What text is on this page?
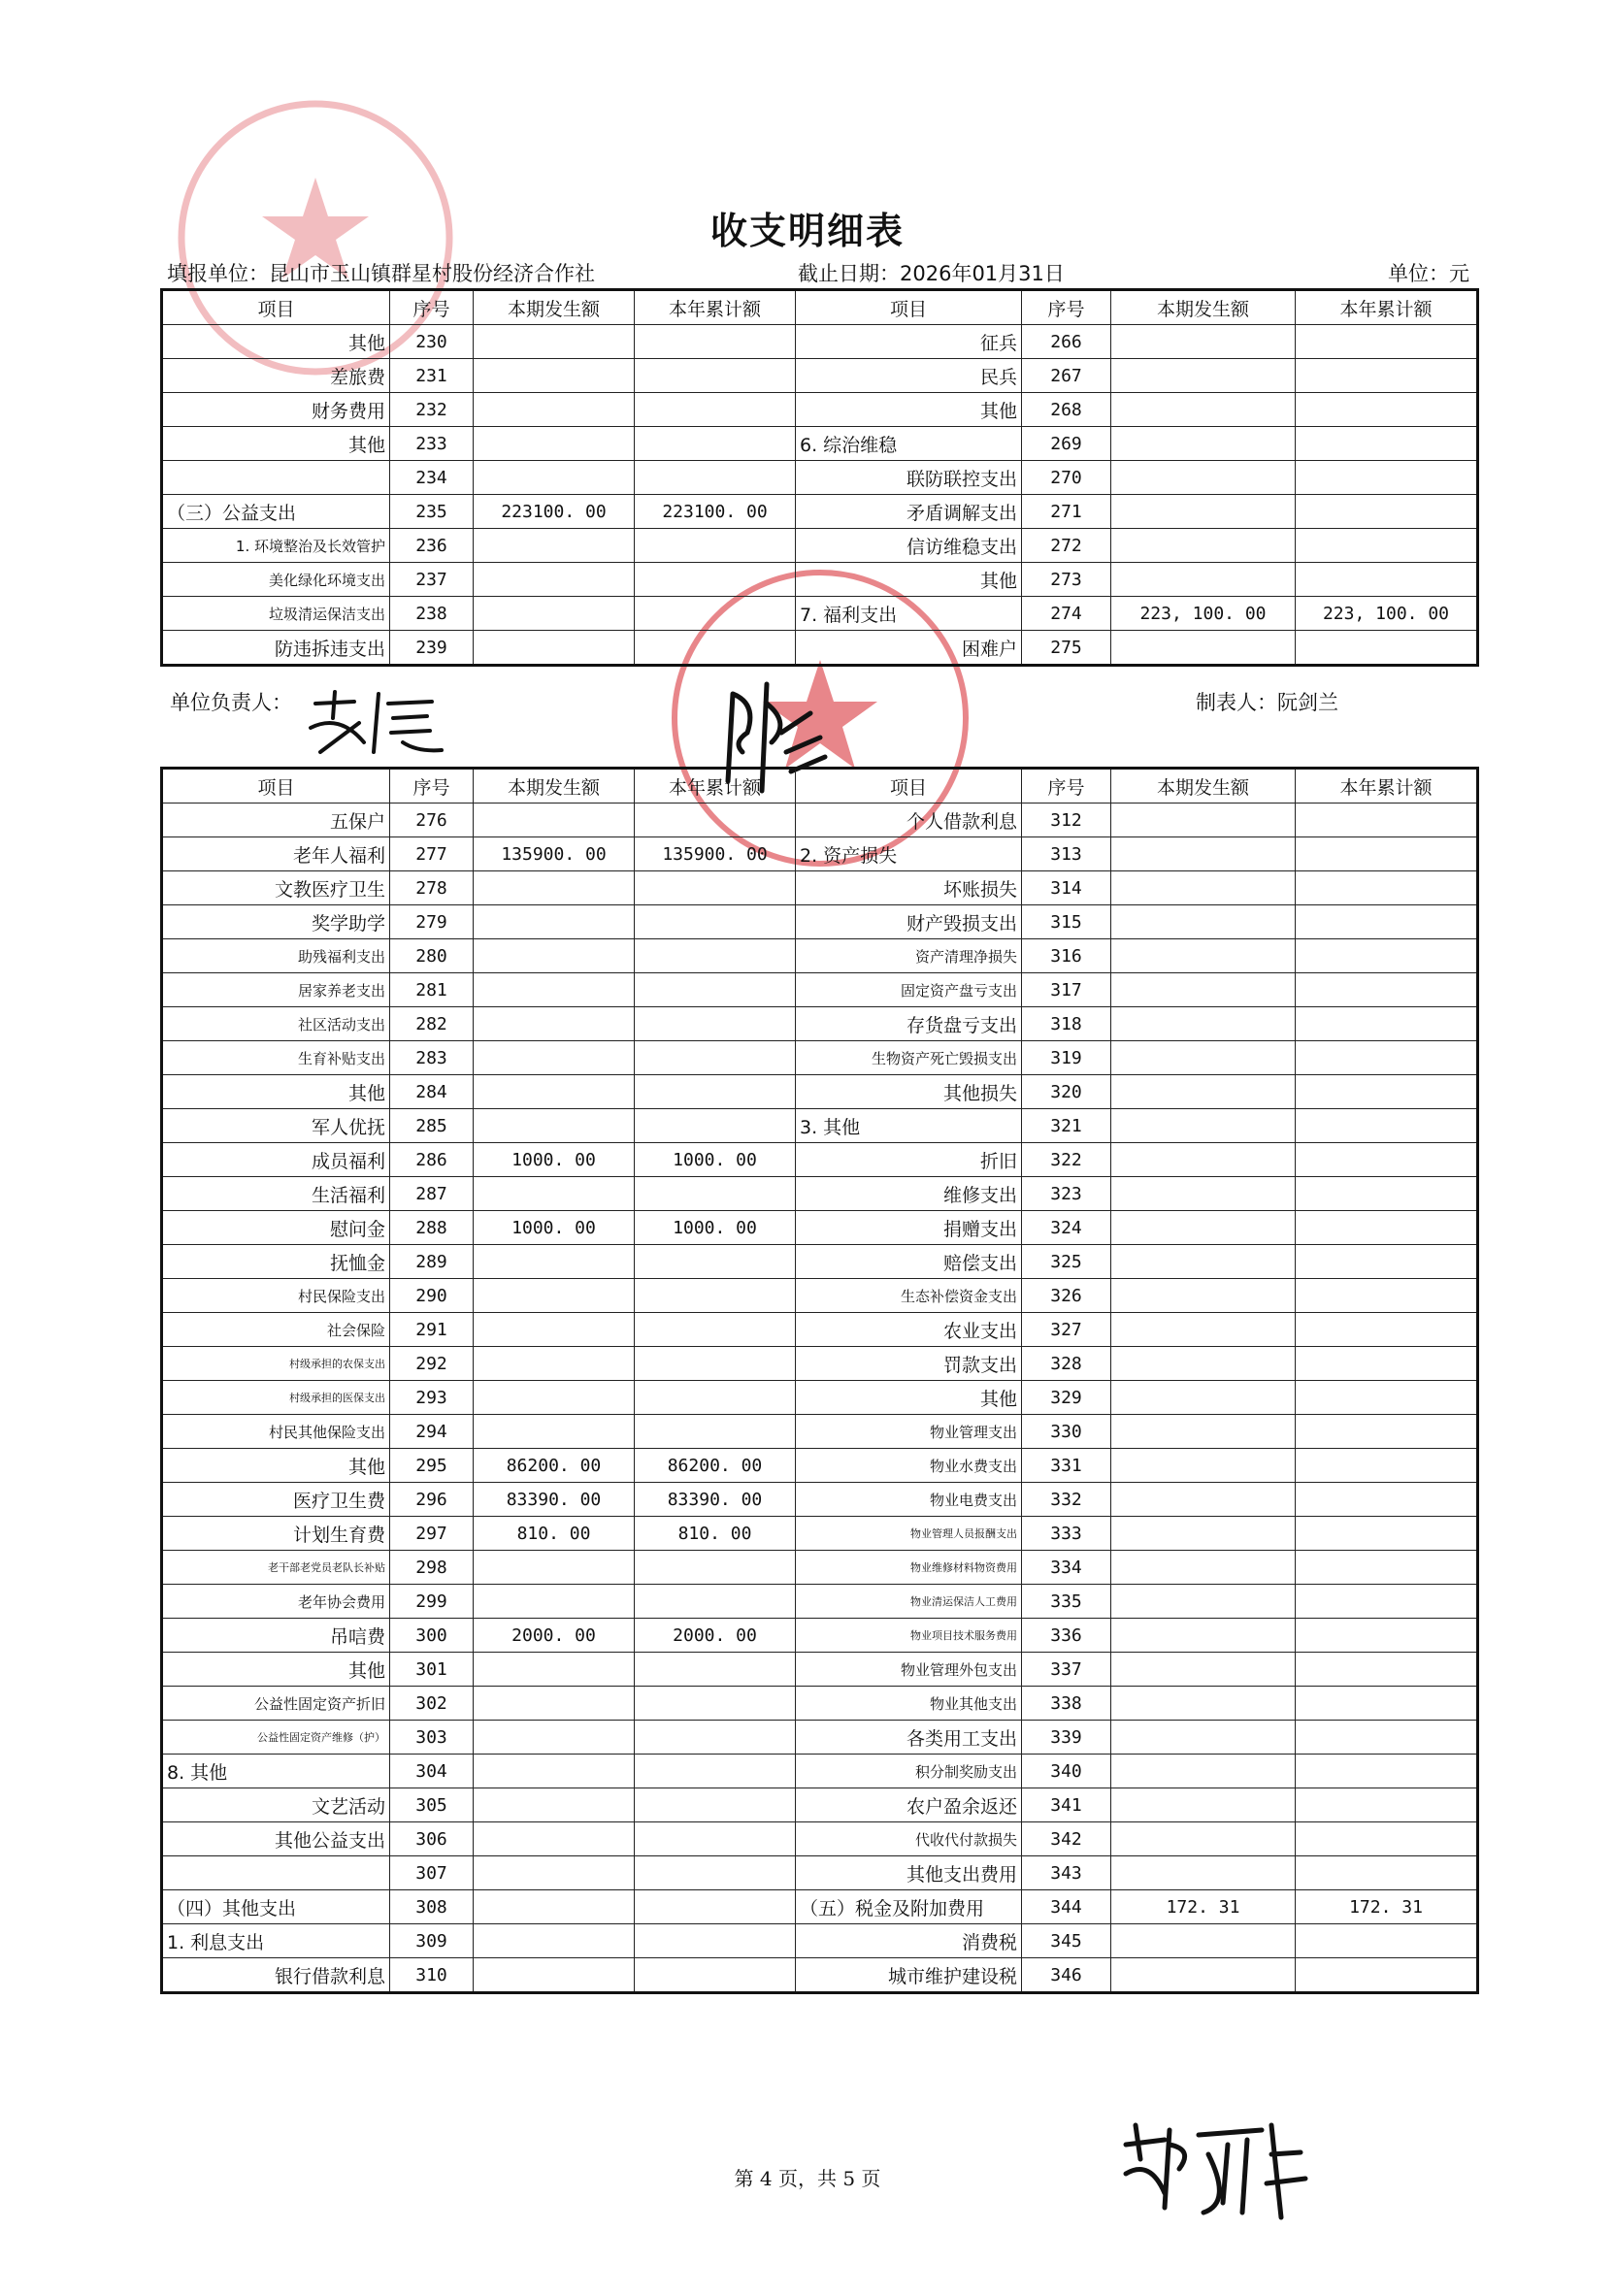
收支明细表
填报单位：昆山市玉山镇群星村股份经济合作社	截止日期：2026年01月31日	单位：元
项目	序号	本期发生额	本年累计额	项目	序号	本期发生额	本年累计额
其他	230			征兵	266		
差旅费	231			民兵	267		
财务费用	232			其他	268		
其他	233			6. 综治维稳	269		
	234			联防联控支出	270		
（三）公益支出	235	223100. 00	223100. 00	矛盾调解支出	271		
1. 环境整治及长效管护	236			信访维稳支出	272		
美化绿化环境支出	237			其他	273		
垃圾清运保洁支出	238			7. 福利支出	274	223, 100. 00	223, 100. 00
防违拆违支出	239			困难户	275		
单位负责人：	制表人：阮剑兰
项目	序号	本期发生额	本年累计额	项目	序号	本期发生额	本年累计额
五保户	276			个人借款利息	312		
老年人福利	277	135900. 00	135900. 00	2. 资产损失	313		
文教医疗卫生	278			坏账损失	314		
奖学助学	279			财产毁损支出	315		
助残福利支出	280			资产清理净损失	316		
居家养老支出	281			固定资产盘亏支出	317		
社区活动支出	282			存货盘亏支出	318		
生育补贴支出	283			生物资产死亡毁损支出	319		
其他	284			其他损失	320		
军人优抚	285			3. 其他	321		
成员福利	286	1000. 00	1000. 00	折旧	322		
生活福利	287			维修支出	323		
慰问金	288	1000. 00	1000. 00	捐赠支出	324		
抚恤金	289			赔偿支出	325		
村民保险支出	290			生态补偿资金支出	326		
社会保险	291			农业支出	327		
村级承担的农保支出	292			罚款支出	328		
村级承担的医保支出	293			其他	329		
村民其他保险支出	294			物业管理支出	330		
其他	295	86200. 00	86200. 00	物业水费支出	331		
医疗卫生费	296	83390. 00	83390. 00	物业电费支出	332		
计划生育费	297	810. 00	810. 00	物业管理人员报酬支出	333		
老干部老党员老队长补贴	298			物业维修材料物资费用	334		
老年协会费用	299			物业清运保洁人工费用	335		
吊唁费	300	2000. 00	2000. 00	物业项目技术服务费用	336		
其他	301			物业管理外包支出	337		
公益性固定资产折旧	302			物业其他支出	338		
公益性固定资产维修（护）	303			各类用工支出	339		
8. 其他	304			积分制奖励支出	340		
文艺活动	305			农户盈余返还	341		
其他公益支出	306			代收代付款损失	342		
	307			其他支出费用	343		
（四）其他支出	308			（五）税金及附加费用	344	172. 31	172. 31
1. 利息支出	309			消费税	345		
银行借款利息	310			城市维护建设税	346		
第 4 页，共 5 页
